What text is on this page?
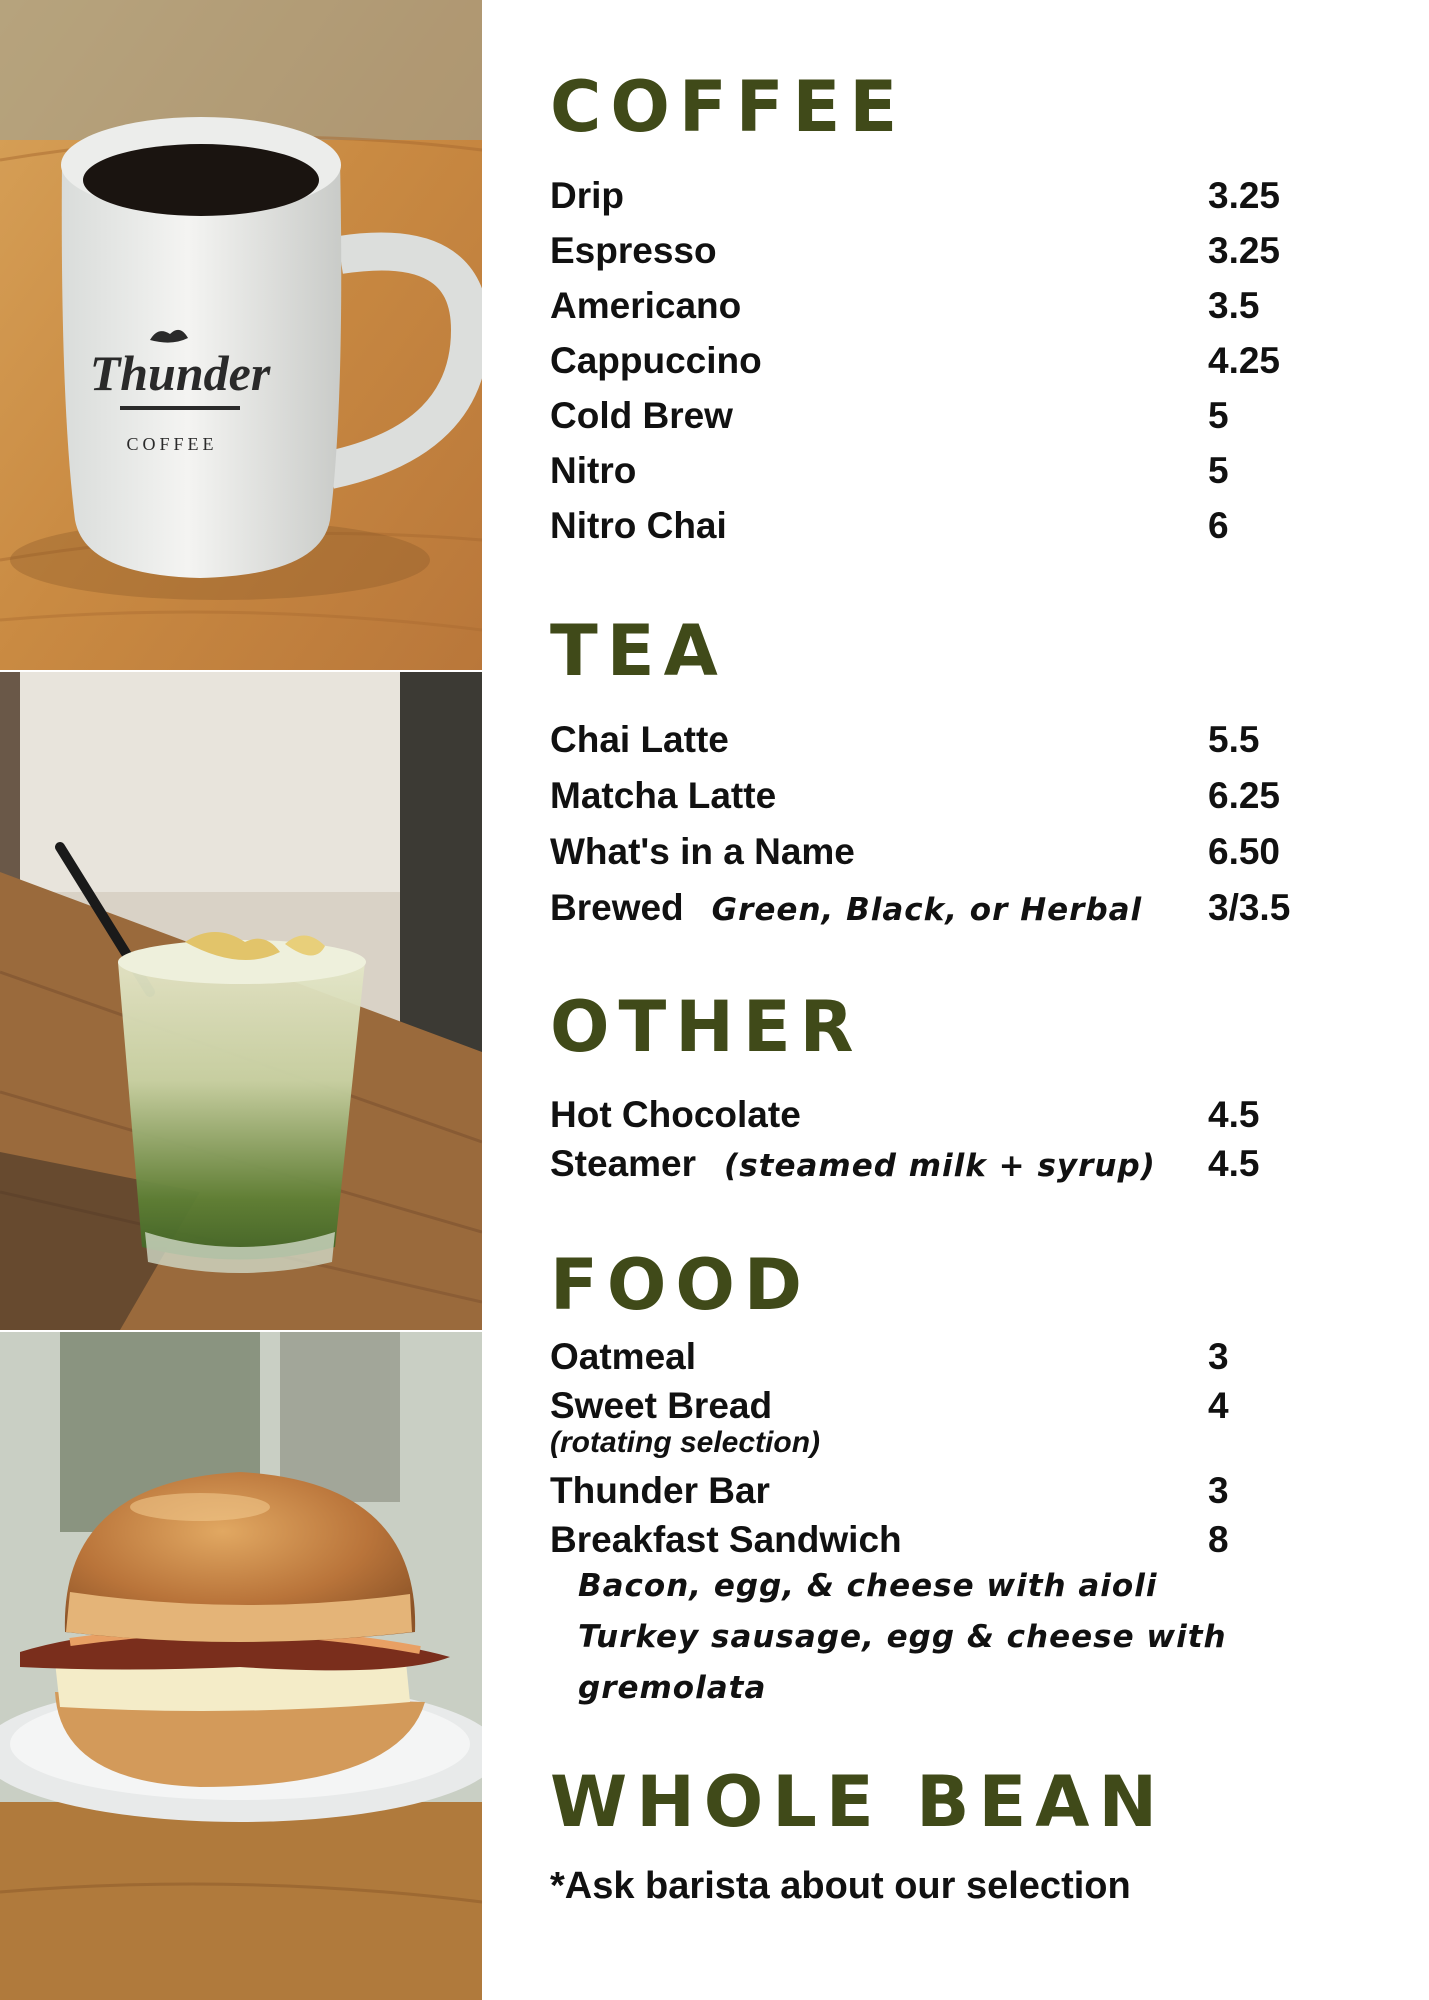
Thunder
COFFEE
COFFEE
Drip	3.25
Espresso	3.25
Americano	3.5
Cappuccino	4.25
Cold Brew	5
Nitro	5
Nitro Chai	6
TEA
Chai Latte	5.5
Matcha Latte	6.25
What's in a Name	6.50
Brewed Green, Black, or Herbal 3/3.5
OTHER
Hot Chocolate	4.5
Steamer (steamed milk + syrup) 4.5
FOOD
Oatmeal	3
Sweet Bread	4
(rotating selection)
Thunder Bar	3
Breakfast Sandwich	8
Bacon, egg, & cheese with aioli
Turkey sausage, egg & cheese with
gremolata
WHOLE BEAN
*Ask barista about our selection
